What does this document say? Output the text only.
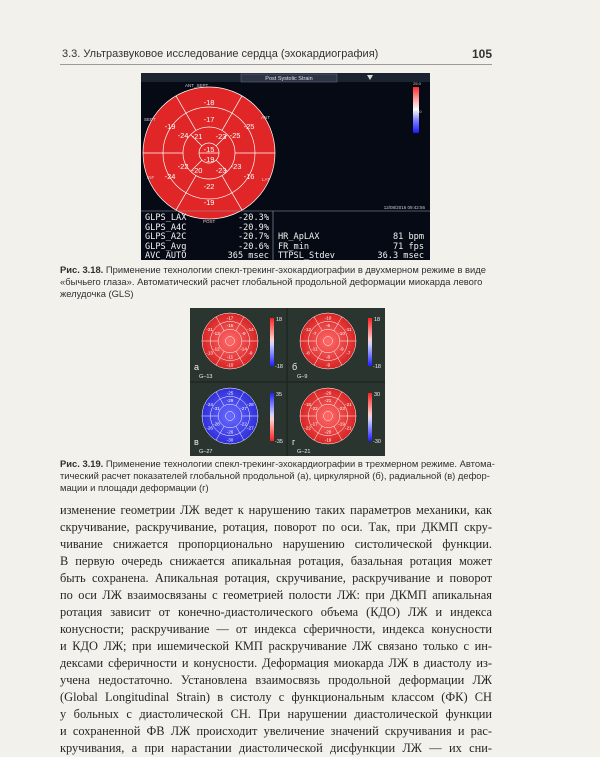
3.3. Ультразвуковое исследование сердца (эхокардиография)	105
Post Systolic Strain
ANT_SEPT
ANT
LAT
POST
INF
SEPT
-18
-25
-16
-19
-24
-19
-17
-25
-23
-22
-22
-24 -21 -23
-23
-20
-15
-19
25.0
-25.0
12/08/2016 09:42:56
GLPS_LAX	-20.3%
GLPS_A4C	-20.9%
GLPS_A2C	-20.7%
GLPS_Avg	-20.6%
AVC_AUTO	365 msec
HR_ApLAX	81 bpm
FR_min	71 fps
TTPSL_Stdev	36.3 msec
Рис. 3.18. Применение технологии спекл-трекинг-эхокардиографии в двухмерном режиме в виде
«бычьего глаза». Автоматический расчет глобальной продольной деформации миокарда левого
желудочка (GLS)
-17
-14
-9
-10
-13
-21
-15
-9
-14
-11
-12
-13
18
-18
а
G–13
-10
-11
-7
-9
-8
-12
-6
-10
-9
-8
-11
-7
18
-18
б
G–9
-25
-28
-27
-30
-26
-24
-29
-27
-22
-26
-28
-31
35
-35
в
G–27
-20
-21
-21
-19
-22
-18
-21
-23
-19
-20
-17
-22
30
-30
г
G–21
Рис. 3.19. Применение технологии спекл-трекинг-эхокардиографии в трехмерном режиме. Автома-
тический расчет показателей глобальной продольной (а), циркулярной (б), радиальной (в) дефор-
мации и площади деформации (г)
изменение геометрии ЛЖ ведет к нарушению таких параметров механики, как
скручивание, раскручивание, ротация, поворот по оси. Так, при ДКМП скру-
чивание снижается пропорционально нарушению систолической функции.
В первую очередь снижается апикальная ротация, базальная ротация может
быть сохранена. Апикальная ротация, скручивание, раскручивание и поворот
по оси ЛЖ взаимосвязаны с геометрией полости ЛЖ: при ДКМП апикальная
ротация зависит от конечно-диастолического объема (КДО) ЛЖ и индекса
конусности; раскручивание — от индекса сферичности, индекса конусности
и КДО ЛЖ; при ишемической КМП раскручивание ЛЖ связано только с ин-
дексами сферичности и конусности. Деформация миокарда ЛЖ в диастолу из-
учена недостаточно. Установлена взаимосвязь продольной деформации ЛЖ
(Global Longitudinal Strain) в систолу с функциональным классом (ФК) СН
у больных с диастолической СН. При нарушении диастолической функции
и сохраненной ФВ ЛЖ происходит увеличение значений скручивания и рас-
кручивания, а при нарастании диастолической дисфункции ЛЖ — их сни-
